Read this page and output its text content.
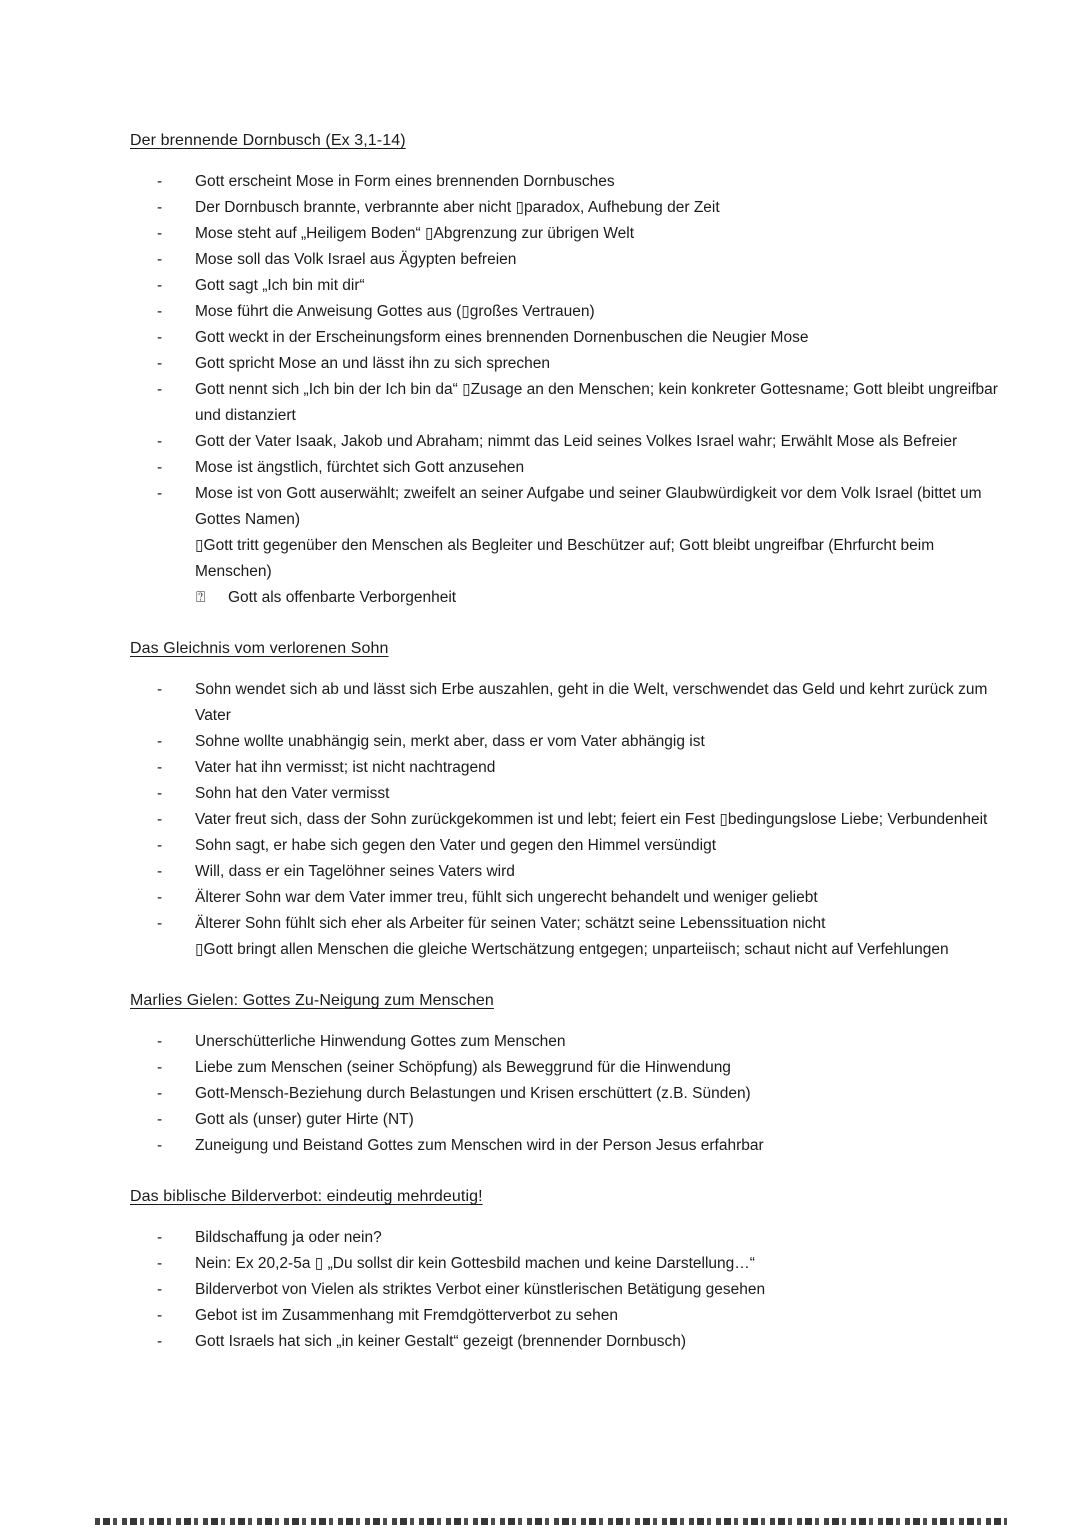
Der brennende Dornbusch (Ex 3,1-14)
- Gott erscheint Mose in Form eines brennenden Dornbusches
- Der Dornbusch brannte, verbrannte aber nicht ▯paradox, Aufhebung der Zeit
- Mose steht auf „Heiligem Boden“ ▯Abgrenzung zur übrigen Welt
- Mose soll das Volk Israel aus Ägypten befreien
- Gott sagt „Ich bin mit dir“
- Mose führt die Anweisung Gottes aus (▯großes Vertrauen)
- Gott weckt in der Erscheinungsform eines brennenden Dornenbuschen die Neugier Mose
- Gott spricht Mose an und lässt ihn zu sich sprechen
- Gott nennt sich „Ich bin der Ich bin da“ ▯Zusage an den Menschen; kein konkreter Gottesname; Gott bleibt ungreifbar und distanziert
- Gott der Vater Isaak, Jakob und Abraham; nimmt das Leid seines Volkes Israel wahr; Erwählt Mose als Befreier
- Mose ist ängstlich, fürchtet sich Gott anzusehen
- Mose ist von Gott auserwählt; zweifelt an seiner Aufgabe und seiner Glaubwürdigkeit vor dem Volk Israel (bittet um Gottes Namen)
▯Gott tritt gegenüber den Menschen als Begleiter und Beschützer auf; Gott bleibt ungreifbar (Ehrfurcht beim Menschen)
⍰ Gott als offenbarte Verborgenheit
Das Gleichnis vom verlorenen Sohn
- Sohn wendet sich ab und lässt sich Erbe auszahlen, geht in die Welt, verschwendet das Geld und kehrt zurück zum Vater
- Sohne wollte unabhängig sein, merkt aber, dass er vom Vater abhängig ist
- Vater hat ihn vermisst; ist nicht nachtragend
- Sohn hat den Vater vermisst
- Vater freut sich, dass der Sohn zurückgekommen ist und lebt; feiert ein Fest ▯bedingungslose Liebe; Verbundenheit
- Sohn sagt, er habe sich gegen den Vater und gegen den Himmel versündigt
- Will, dass er ein Tagelöhner seines Vaters wird
- Älterer Sohn war dem Vater immer treu, fühlt sich ungerecht behandelt und weniger geliebt
- Älterer Sohn fühlt sich eher als Arbeiter für seinen Vater; schätzt seine Lebenssituation nicht
▯Gott bringt allen Menschen die gleiche Wertschätzung entgegen; unparteiisch; schaut nicht auf Verfehlungen
Marlies Gielen: Gottes Zu-Neigung zum Menschen
- Unerschütterliche Hinwendung Gottes zum Menschen
- Liebe zum Menschen (seiner Schöpfung) als Beweggrund für die Hinwendung
- Gott-Mensch-Beziehung durch Belastungen und Krisen erschüttert (z.B. Sünden)
- Gott als (unser) guter Hirte (NT)
- Zuneigung und Beistand Gottes zum Menschen wird in der Person Jesus erfahrbar
Das biblische Bilderverbot: eindeutig mehrdeutig!
- Bildschaffung ja oder nein?
- Nein: Ex 20,2-5a ▯ „Du sollst dir kein Gottesbild machen und keine Darstellung…“
- Bilderverbot von Vielen als striktes Verbot einer künstlerischen Betätigung gesehen
- Gebot ist im Zusammenhang mit Fremdgötterverbot zu sehen
- Gott Israels hat sich „in keiner Gestalt“ gezeigt (brennender Dornbusch)
